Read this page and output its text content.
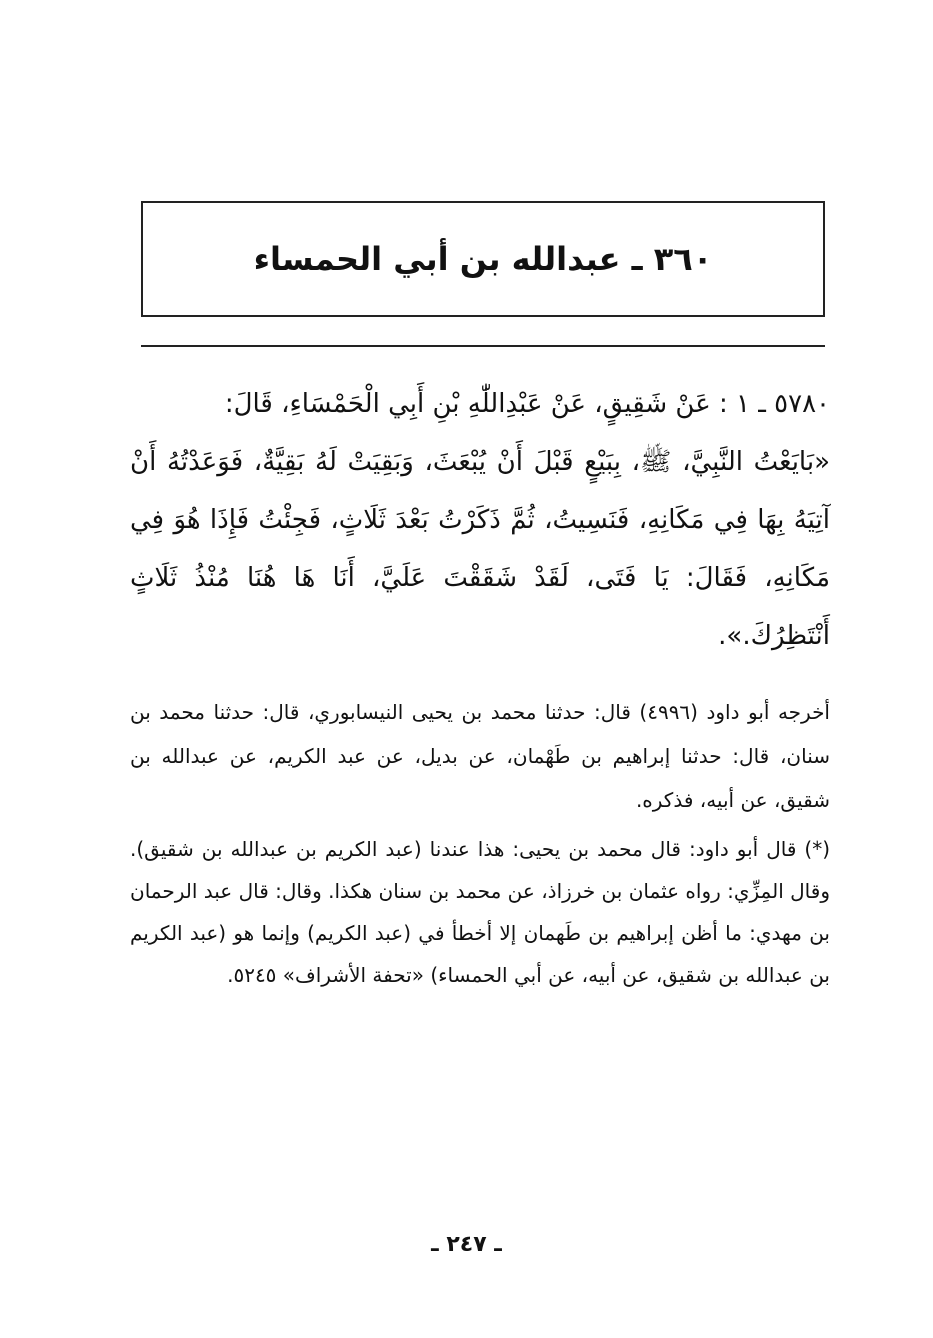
٣٦٠ ـ عبدالله بن أبي الحمساء

٥٧٨٠ ـ ١ : عَنْ شَقِيقٍ، عَنْ عَبْدِاللّٰهِ بْنِ أَبِي الْحَمْسَاءِ، قَالَ:

«بَايَعْتُ النَّبِيَّ، ﷺ، بِبَيْعٍ قَبْلَ أَنْ يُبْعَثَ، وَبَقِيَتْ لَهُ بَقِيَّةٌ، فَوَعَدْتُهُ أَنْ آتِيَهُ بِهَا فِي مَكَانِهِ، فَنَسِيتُ، ثُمَّ ذَكَرْتُ بَعْدَ ثَلَاثٍ، فَجِئْتُ فَإِذَا هُوَ فِي مَكَانِهِ، فَقَالَ: يَا فَتَى، لَقَدْ شَقَقْتَ عَلَيَّ، أَنَا هَا هُنَا مُنْذُ ثَلَاثٍ أَنْتَظِرُكَ.».

أخرجه أبو داود (٤٩٩٦) قال: حدثنا محمد بن يحيى النيسابوري، قال: حدثنا محمد بن سنان، قال: حدثنا إبراهيم بن طَهْمان، عن بديل، عن عبد الكريم، عن عبدالله بن شقيق، عن أبيه، فذكره.

(*) قال أبو داود: قال محمد بن يحيى: هذا عندنا (عبد الكريم بن عبدالله بن شقيق). وقال المِزِّي: رواه عثمان بن خرزاذ، عن محمد بن سنان هكذا. وقال: قال عبد الرحمان بن مهدي: ما أظن إبراهيم بن طَهمان إلا أخطأ في (عبد الكريم) وإنما هو (عبد الكريم بن عبدالله بن شقيق، عن أبيه، عن أبي الحمساء) «تحفة الأشراف» ٥٢٤٥.

ـ ٢٤٧ ـ
